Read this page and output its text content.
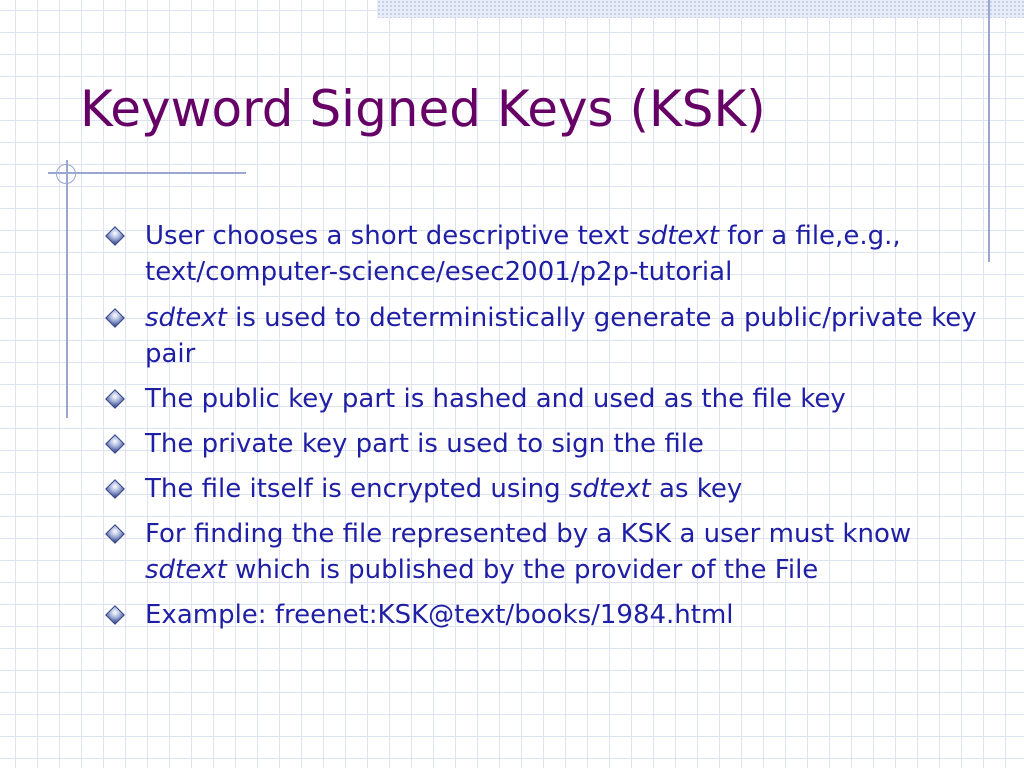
Keyword Signed Keys (KSK)
User chooses a short descriptive text sdtext for a file,e.g., text/computer-science/esec2001/p2p-tutorial
sdtext is used to deterministically generate a public/private key pair
The public key part is hashed and used as the file key
The private key part is used to sign the file
The file itself is encrypted using sdtext as key
For finding the file represented by a KSK a user must know sdtext which is published by the provider of the File
Example: freenet:KSK@text/books/1984.html
